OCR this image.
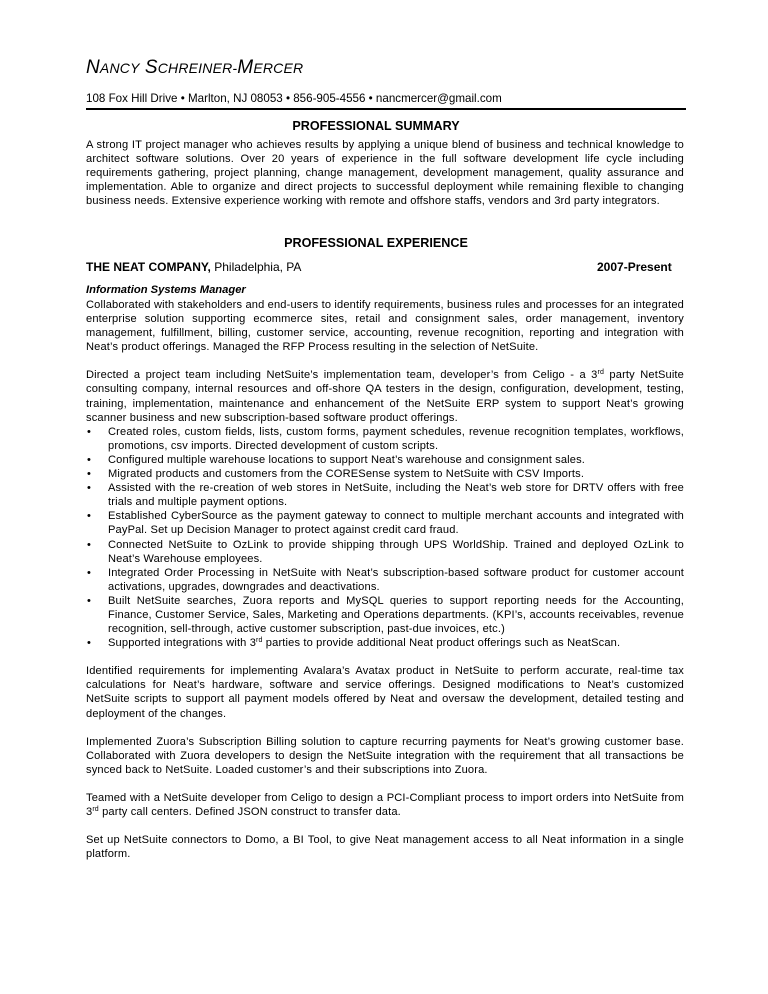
NANCY SCHREINER-MERCER
108 Fox Hill Drive • Marlton, NJ 08053 • 856-905-4556 • nancmercer@gmail.com
PROFESSIONAL SUMMARY
A strong IT project manager who achieves results by applying a unique blend of business and technical knowledge to architect software solutions. Over 20 years of experience in the full software development life cycle including requirements gathering, project planning, change management, development management, quality assurance and implementation. Able to organize and direct projects to successful deployment while remaining flexible to changing business needs. Extensive experience working with remote and offshore staffs, vendors and 3rd party integrators.
PROFESSIONAL EXPERIENCE
THE NEAT COMPANY, Philadelphia, PA	2007-Present
Information Systems Manager

Collaborated with stakeholders and end-users to identify requirements, business rules and processes for an integrated enterprise solution supporting ecommerce sites, retail and consignment sales, order management, inventory management, fulfillment, billing, customer service, accounting, revenue recognition, reporting and integration with Neat’s product offerings. Managed the RFP Process resulting in the selection of NetSuite.

Directed a project team including NetSuite’s implementation team, developer’s from Celigo - a 3rd party NetSuite consulting company, internal resources and off-shore QA testers in the design, configuration, development, testing, training, implementation, maintenance and enhancement of the NetSuite ERP system to support Neat’s growing scanner business and new subscription-based software product offerings.

• Created roles, custom fields, lists, custom forms, payment schedules, revenue recognition templates, workflows, promotions, csv imports. Directed development of custom scripts.
• Configured multiple warehouse locations to support Neat’s warehouse and consignment sales.
• Migrated products and customers from the CORESense system to NetSuite with CSV Imports.
• Assisted with the re-creation of web stores in NetSuite, including the Neat’s web store for DRTV offers with free trials and multiple payment options.
• Established CyberSource as the payment gateway to connect to multiple merchant accounts and integrated with PayPal. Set up Decision Manager to protect against credit card fraud.
• Connected NetSuite to OzLink to provide shipping through UPS WorldShip. Trained and deployed OzLink to Neat’s Warehouse employees.
• Integrated Order Processing in NetSuite with Neat’s subscription-based software product for customer account activations, upgrades, downgrades and deactivations.
• Built NetSuite searches, Zuora reports and MySQL queries to support reporting needs for the Accounting, Finance, Customer Service, Sales, Marketing and Operations departments. (KPI’s, accounts receivables, revenue recognition, sell-through, active customer subscription, past-due invoices, etc.)
• Supported integrations with 3rd parties to provide additional Neat product offerings such as NeatScan.

Identified requirements for implementing Avalara’s Avatax product in NetSuite to perform accurate, real-time tax calculations for Neat’s hardware, software and service offerings. Designed modifications to Neat’s customized NetSuite scripts to support all payment models offered by Neat and oversaw the development, detailed testing and deployment of the changes.

Implemented Zuora’s Subscription Billing solution to capture recurring payments for Neat’s growing customer base. Collaborated with Zuora developers to design the NetSuite integration with the requirement that all transactions be synced back to NetSuite. Loaded customer’s and their subscriptions into Zuora.

Teamed with a NetSuite developer from Celigo to design a PCI-Compliant process to import orders into NetSuite from 3rd party call centers. Defined JSON construct to transfer data.

Set up NetSuite connectors to Domo, a BI Tool, to give Neat management access to all Neat information in a single platform.
